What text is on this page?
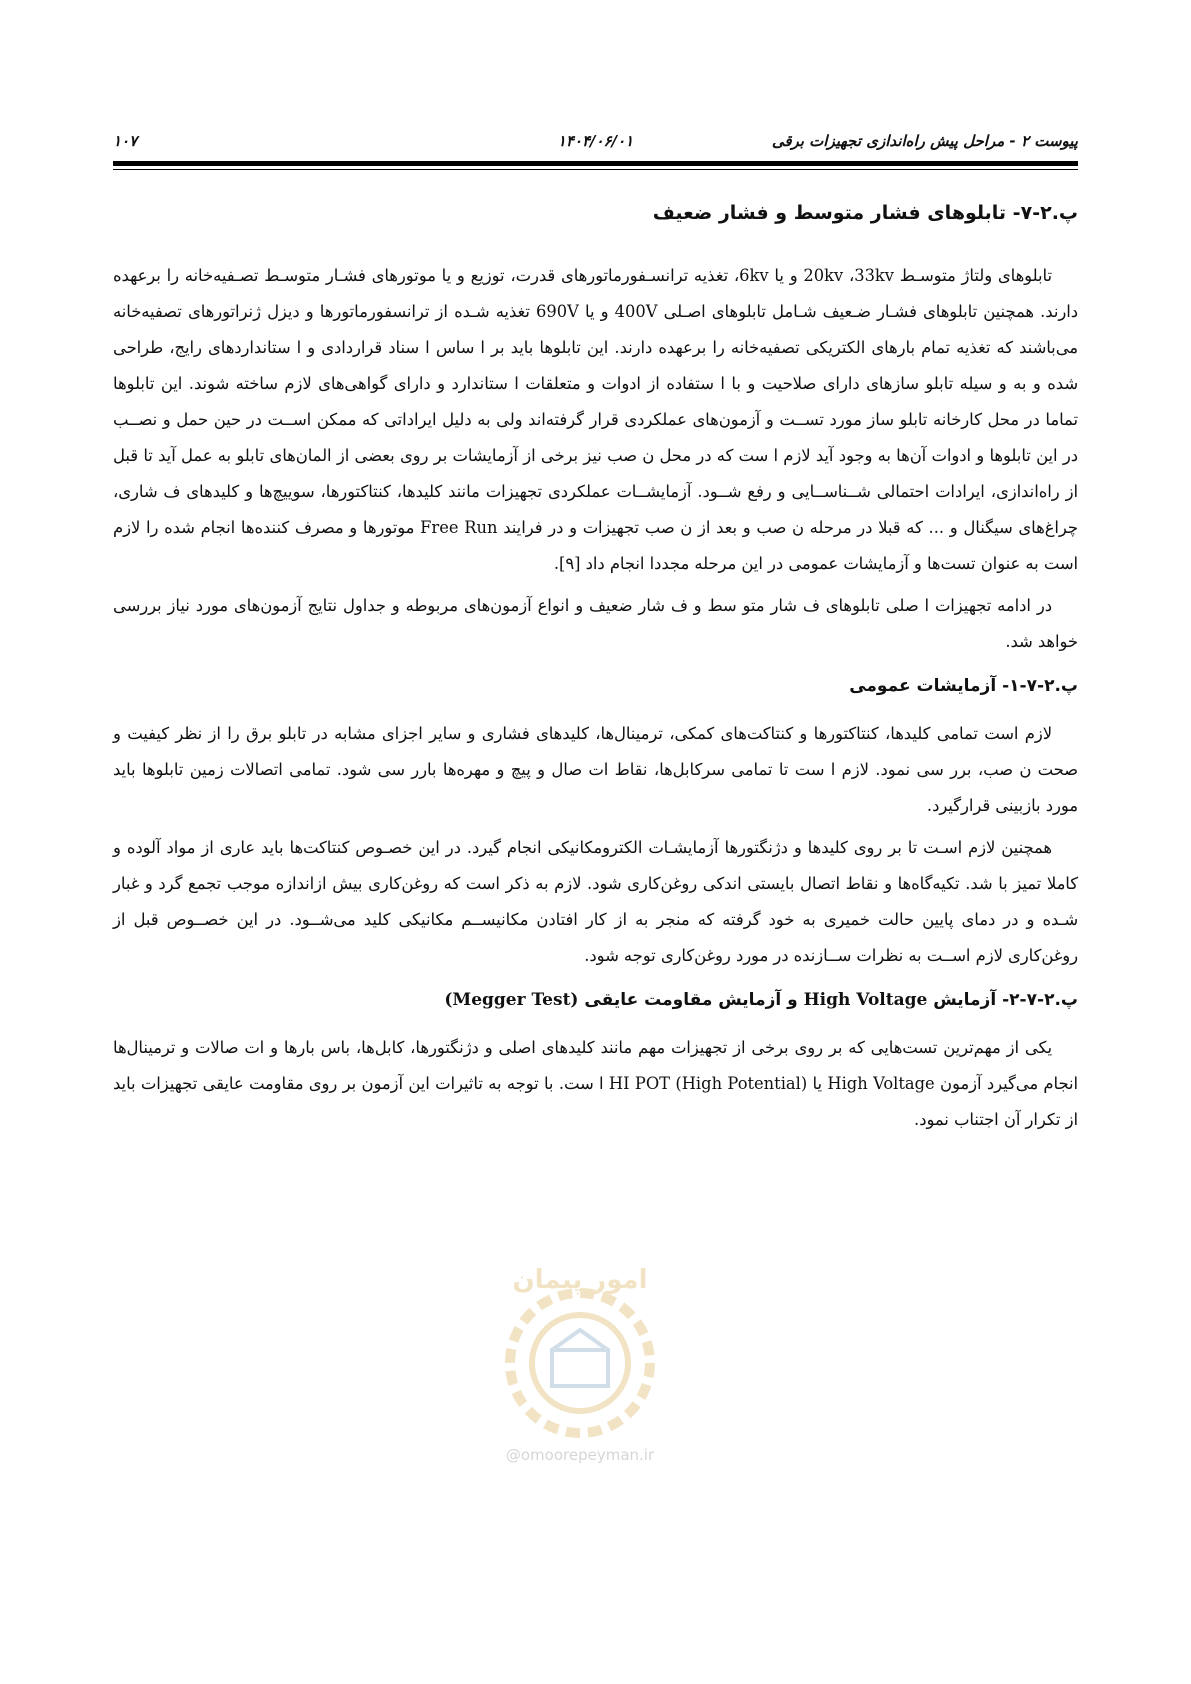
پیوست ۲ - مراحل پیش راه‌اندازی تجهیزات برقی
۱۴۰۴/۰۶/۰۱
۱۰۷
پ.۲-۷- تابلوهای فشار متوسط و فشار ضعیف

تابلوهای ولتاژ متوسـط 20kv ،33kv و یا 6kv، تغذیه ترانسـفورماتورهای قدرت، توزیع و یا موتورهای فشـار متوسـط تصـفیه‌خانه را برعهده دارند. همچنین تابلوهای فشـار ضـعیف شـامل تابلوهای اصـلی 400V و یا 690V تغذیه شـده از ترانسفورماتورها و دیزل ژنراتورهای تصفیه‌خانه می‌باشند که تغذیه تمام بارهای الکتریکی تصفیه‌خانه را برعهده دارند. این تابلوها باید بر ا ساس ا سناد قراردادی و ا ستانداردهای رایج، طراحی شده و به و سیله تابلو سازهای دارای صلاحیت و با ا ستفاده از ادوات و متعلقات ا ستاندارد و دارای گواهی‌های لازم ساخته شوند. این تابلوها تماما در محل کارخانه تابلو ساز مورد تســت و آزمون‌های عملکردی قرار گرفته‌اند ولی به دلیل ایراداتی که ممکن اســت در حین حمل و نصــب در این تابلوها و ادوات آن‌ها به وجود آید لازم ا ست که در محل ن صب نیز برخی از آزمایشات بر روی بعضی از المان‌های تابلو به عمل آید تا قبل از راه‌اندازی، ایرادات احتمالی شــناســایی و رفع شــود. آزمایشــات عملکردی تجهیزات مانند کلیدها، کنتاکتورها، سوییچ‌ها و کلیدهای ف شاری، چراغ‌های سیگنال و ... که قبلا در مرحله ن صب و بعد از ن صب تجهیزات و در فرایند Free Run موتورها و مصرف کننده‌ها انجام شده را لازم است به عنوان تست‌ها و آزمایشات عمومی در این مرحله مجددا انجام داد [۹].

در ادامه تجهیزات ا صلی تابلوهای ف شار متو سط و ف شار ضعیف و انواع آزمون‌های مربوطه و جداول نتایج آزمون‌های مورد نیاز بررسی خواهد شد.

پ.۲-۷-۱- آزمایشات عمومی

لازم است تمامی کلیدها، کنتاکتورها و کنتاکت‌های کمکی، ترمینال‌ها، کلیدهای فشاری و سایر اجزای مشابه در تابلو برق را از نظر کیفیت و صحت ن صب، برر سی نمود. لازم ا ست تا تمامی سرکابل‌ها، نقاط ات صال و پیچ و مهره‌ها بارر سی شود. تمامی اتصالات زمین تابلوها باید مورد بازبینی قرارگیرد.

همچنین لازم اسـت تا بر روی کلیدها و دژنگتورها آزمایشـات الکترومکانیکی انجام گیرد. در این خصـوص کنتاکت‌ها باید عاری از مواد آلوده و کاملا تمیز با شد. تکیه‌گاه‌ها و نقاط اتصال بایستی اندکی روغن‌کاری شود. لازم به ذکر است که روغن‌کاری بیش ازاندازه موجب تجمع گرد و غبار شـده و در دمای پایین حالت خمیری به خود گرفته که منجر به از کار افتادن مکانیســم مکانیکی کلید می‌شــود. در این خصــوص قبل از روغن‌کاری لازم اســت به نظرات ســازنده در مورد روغن‌کاری توجه شود.

پ.۲-۷-۲- آزمایش High Voltage و آزمایش مقاومت عایقی (Megger Test)

یکی از مهم‌ترین تست‌هایی که بر روی برخی از تجهیزات مهم مانند کلیدهای اصلی و دژنگتورها، کابل‌ها، باس بارها و ات صالات و ترمینال‌ها انجام می‌گیرد آزمون High Voltage یا HI POT (High Potential) ا ست. با توجه به تاثیرات این آزمون بر روی مقاومت عایقی تجهیزات باید از تکرار آن اجتناب نمود.

امور پیمان
@omoorepeyman.ir
